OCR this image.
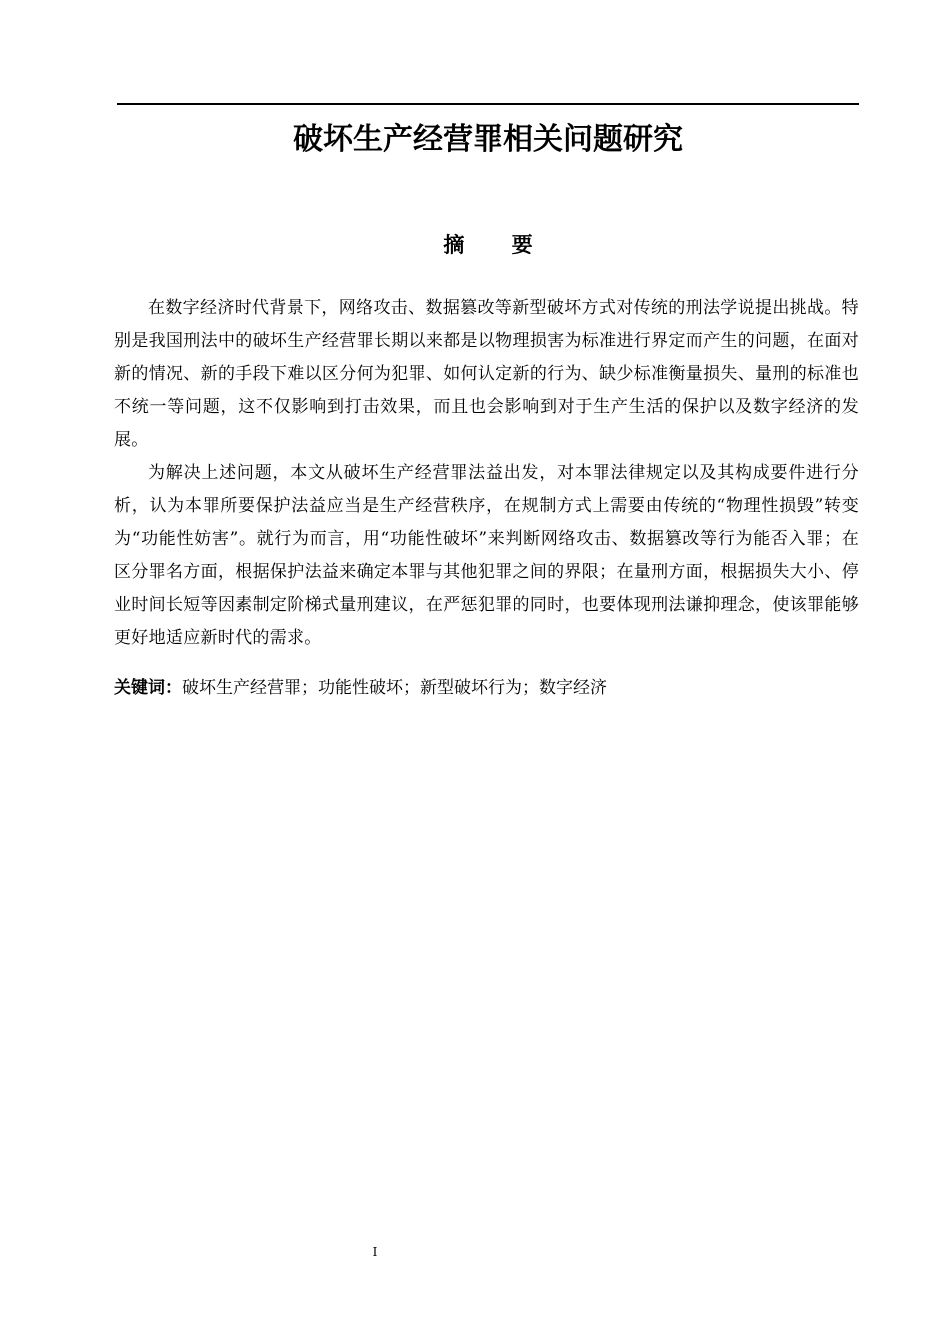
破坏生产经营罪相关问题研究
摘 要

在数字经济时代背景下，网络攻击、数据篡改等新型破坏方式对传统的刑法学说提出挑战。特别是我国刑法中的破坏生产经营罪长期以来都是以物理损害为标准进行界定而产生的问题，在面对新的情况、新的手段下难以区分何为犯罪、如何认定新的行为、缺少标准衡量损失、量刑的标准也不统一等问题，这不仅影响到打击效果，而且也会影响到对于生产生活的保护以及数字经济的发展。

为解决上述问题，本文从破坏生产经营罪法益出发，对本罪法律规定以及其构成要件进行分析，认为本罪所要保护法益应当是生产经营秩序，在规制方式上需要由传统的“物理性损毁”转变为“功能性妨害”。就行为而言，用“功能性破坏”来判断网络攻击、数据篡改等行为能否入罪；在区分罪名方面，根据保护法益来确定本罪与其他犯罪之间的界限；在量刑方面，根据损失大小、停业时间长短等因素制定阶梯式量刑建议，在严惩犯罪的同时，也要体现刑法谦抑理念，使该罪能够更好地适应新时代的需求。

关键词：破坏生产经营罪；功能性破坏；新型破坏行为；数字经济
I
